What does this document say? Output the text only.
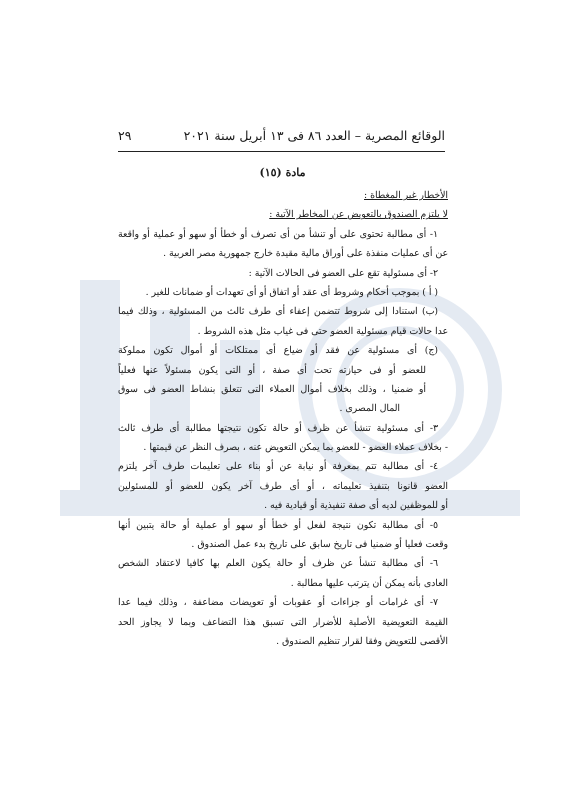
الوقائع المصرية – العدد ٨٦ فى ١٣ أبريل سنة ٢٠٢١
٢٩
مادة (١٥)
الأخطار غير المغطاة :
لا يلتزم الصندوق بالتعويض عن المخاطر الآتية :
١- أى مطالبة تحتوى على أو تنشأ من أى تصرف أو خطأ أو سهو أو عملية أو واقعة
عن أى عمليات منفذة على أوراق مالية مقيدة خارج جمهورية مصر العربية .
٢- أى مسئولية تقع على العضو فى الحالات الآتية :
( أ ) بموجب أحكام وشروط أى عقد أو اتفاق أو أى تعهدات أو ضمانات للغير .
(ب) استنادا إلى شروط تتضمن إعفاء أى طرف ثالث من المسئولية ، وذلك فيما
عدا حالات قيام مسئولية العضو حتى فى غياب مثل هذه الشروط .
(ج) أى مسئولية عن فقد أو ضياع أى ممتلكات أو أموال تكون مملوكة
للعضو أو فى حيازته تحت أى صفة ، أو التى يكون مسئولاً عنها فعلياً
أو ضمنيا ، وذلك بخلاف أموال العملاء التى تتعلق بنشاط العضو فى سوق
المال المصرى .
٣- أى مسئولية تنشأ عن ظرف أو حالة تكون نتيجتها مطالبة أى طرف ثالث
- بخلاف عملاء العضو - للعضو بما يمكن التعويض عنه ، بصرف النظر عن قيمتها .
٤- أى مطالبة تتم بمعرفة أو نيابة عن أو بناء على تعليمات طرف آخر يلتزم
العضو قانونا بتنفيذ تعليماته ، أو أى طرف آخر يكون للعضو أو للمسئولين
أو للموظفين لديه أى صفة تنفيذية أو قيادية فيه .
٥- أى مطالبة تكون نتيجة لفعل أو خطأ أو سهو أو عملية أو حالة يتبين أنها
وقعت فعليا أو ضمنيا فى تاريخ سابق على تاريخ بدء عمل الصندوق .
٦- أى مطالبة تنشأ عن ظرف أو حالة يكون العلم بها كافيا لاعتقاد الشخص
العادى بأنه يمكن أن يترتب عليها مطالبة .
٧- أى غرامات أو جزاءات أو عقوبات أو تعويضات مضاعفة ، وذلك فيما عدا
القيمة التعويضية الأصلية للأضرار التى تسبق هذا التضاعف وبما لا يجاوز الحد
الأقصى للتعويض وفقا لقرار تنظيم الصندوق .
